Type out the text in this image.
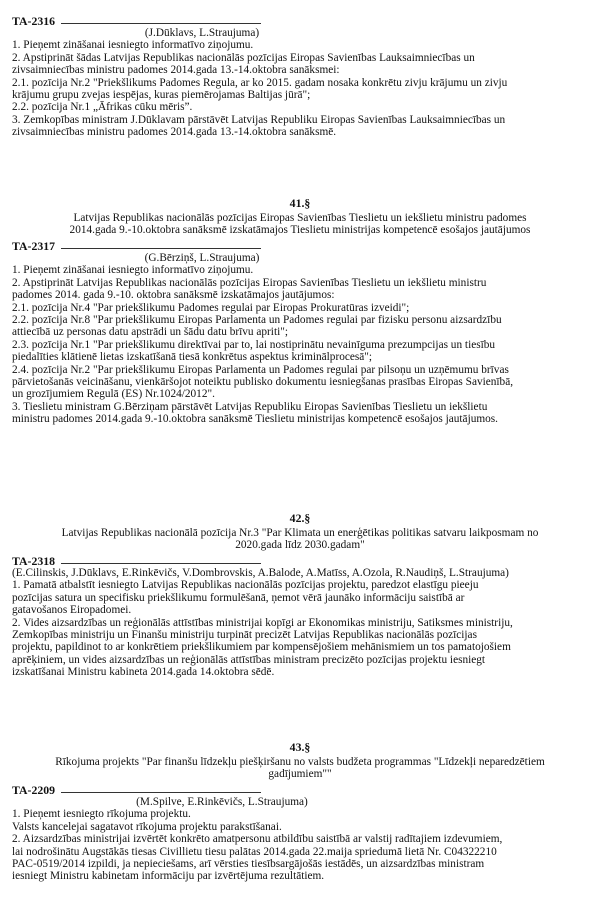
TA-2316
(J.Dūklavs, L.Straujuma)

1. Pieņemt zināšanai iesniegto informatīvo ziņojumu.

2. Apstiprināt šādas Latvijas Republikas nacionālās pozīcijas Eiropas Savienības Lauksaimniecības un

zivsaimniecības ministru padomes 2014.gada 13.-14.oktobra sanāksmei:

2.1. pozīcija Nr.2 "Priekšlikums Padomes Regula, ar ko 2015. gadam nosaka konkrētu zivju krājumu un zivju

krājumu grupu zvejas iespējas, kuras piemērojamas Baltijas jūrā";

2.2. pozīcija Nr.1 „Āfrikas cūku mēris”.

3. Zemkopības ministram J.Dūklavam pārstāvēt Latvijas Republiku Eiropas Savienības Lauksaimniecības un

zivsaimniecības ministru padomes 2014.gada 13.-14.oktobra sanāksmē.

41.§

Latvijas Republikas nacionālās pozīcijas Eiropas Savienības Tieslietu un iekšlietu ministru padomes

2014.gada 9.-10.oktobra sanāksmē izskatāmajos Tieslietu ministrijas kompetencē esošajos jautājumos

TA-2317
(G.Bērziņš, L.Straujuma)

1. Pieņemt zināšanai iesniegto informatīvo ziņojumu.

2. Apstiprināt Latvijas Republikas nacionālās pozīcijas Eiropas Savienības Tieslietu un iekšlietu ministru

padomes 2014. gada 9.-10. oktobra sanāksmē izskatāmajos jautājumos:

2.1. pozīcija Nr.4 "Par priekšlikumu Padomes regulai par Eiropas Prokuratūras izveidi";

2.2. pozīcija Nr.8 "Par priekšlikumu Eiropas Parlamenta un Padomes regulai par fizisku personu aizsardzību

attiecībā uz personas datu apstrādi un šādu datu brīvu apriti";

2.3. pozīcija Nr.1 "Par priekšlikumu direktīvai par to, lai nostiprinātu nevainīguma prezumpcijas un tiesību

piedalīties klātienē lietas izskatīšanā tiesā konkrētus aspektus kriminālprocesā";

2.4. pozīcija Nr.2 "Par priekšlikumu Eiropas Parlamenta un Padomes regulai par pilsoņu un uzņēmumu brīvas

pārvietošanās veicināšanu, vienkāršojot noteiktu publisko dokumentu iesniegšanas prasības Eiropas Savienībā,

un grozījumiem Regulā (ES) Nr.1024/2012".

3. Tieslietu ministram G.Bērziņam pārstāvēt Latvijas Republiku Eiropas Savienības Tieslietu un iekšlietu

ministru padomes 2014.gada 9.-10.oktobra sanāksmē Tieslietu ministrijas kompetencē esošajos jautājumos.

42.§

Latvijas Republikas nacionālā pozīcija Nr.3 "Par Klimata un enerģētikas politikas satvaru laikposmam no

2020.gada līdz 2030.gadam"

TA-2318
(E.Cilinskis, J.Dūklavs, E.Rinkēvičs, V.Dombrovskis, A.Balode, A.Matīss, A.Ozola, R.Naudiņš, L.Straujuma)

1. Pamatā atbalstīt iesniegto Latvijas Republikas nacionālās pozīcijas projektu, paredzot elastīgu pieeju

pozīcijas satura un specifisku priekšlikumu formulēšanā, ņemot vērā jaunāko informāciju saistībā ar

gatavošanos Eiropadomei.

2. Vides aizsardzības un reģionālās attīstības ministrijai kopīgi ar Ekonomikas ministriju, Satiksmes ministriju,

Zemkopības ministriju un Finanšu ministriju turpināt precizēt Latvijas Republikas nacionālās pozīcijas

projektu, papildinot to ar konkrētiem priekšlikumiem par kompensējošiem mehānismiem un tos pamatojošiem

aprēķiniem, un vides aizsardzības un reģionālās attīstības ministram precizēto pozīcijas projektu iesniegt

izskatīšanai Ministru kabineta 2014.gada 14.oktobra sēdē.

43.§

Rīkojuma projekts "Par finanšu līdzekļu piešķiršanu no valsts budžeta programmas "Līdzekļi neparedzētiem

gadījumiem""

TA-2209
(M.Spilve, E.Rinkēvičs, L.Straujuma)

1. Pieņemt iesniegto rīkojuma projektu.

Valsts kancelejai sagatavot rīkojuma projektu parakstīšanai.

2. Aizsardzības ministrijai izvērtēt konkrēto amatpersonu atbildību saistībā ar valstij radītajiem izdevumiem,

lai nodrošinātu Augstākās tiesas Civillietu tiesu palātas 2014.gada 22.maija spriedumā lietā Nr. C04322210

PAC-0519/2014 izpildi, ja nepieciešams, arī vērsties tiesībsargājošās iestādēs, un aizsardzības ministram

iesniegt Ministru kabinetam informāciju par izvērtējuma rezultātiem.
